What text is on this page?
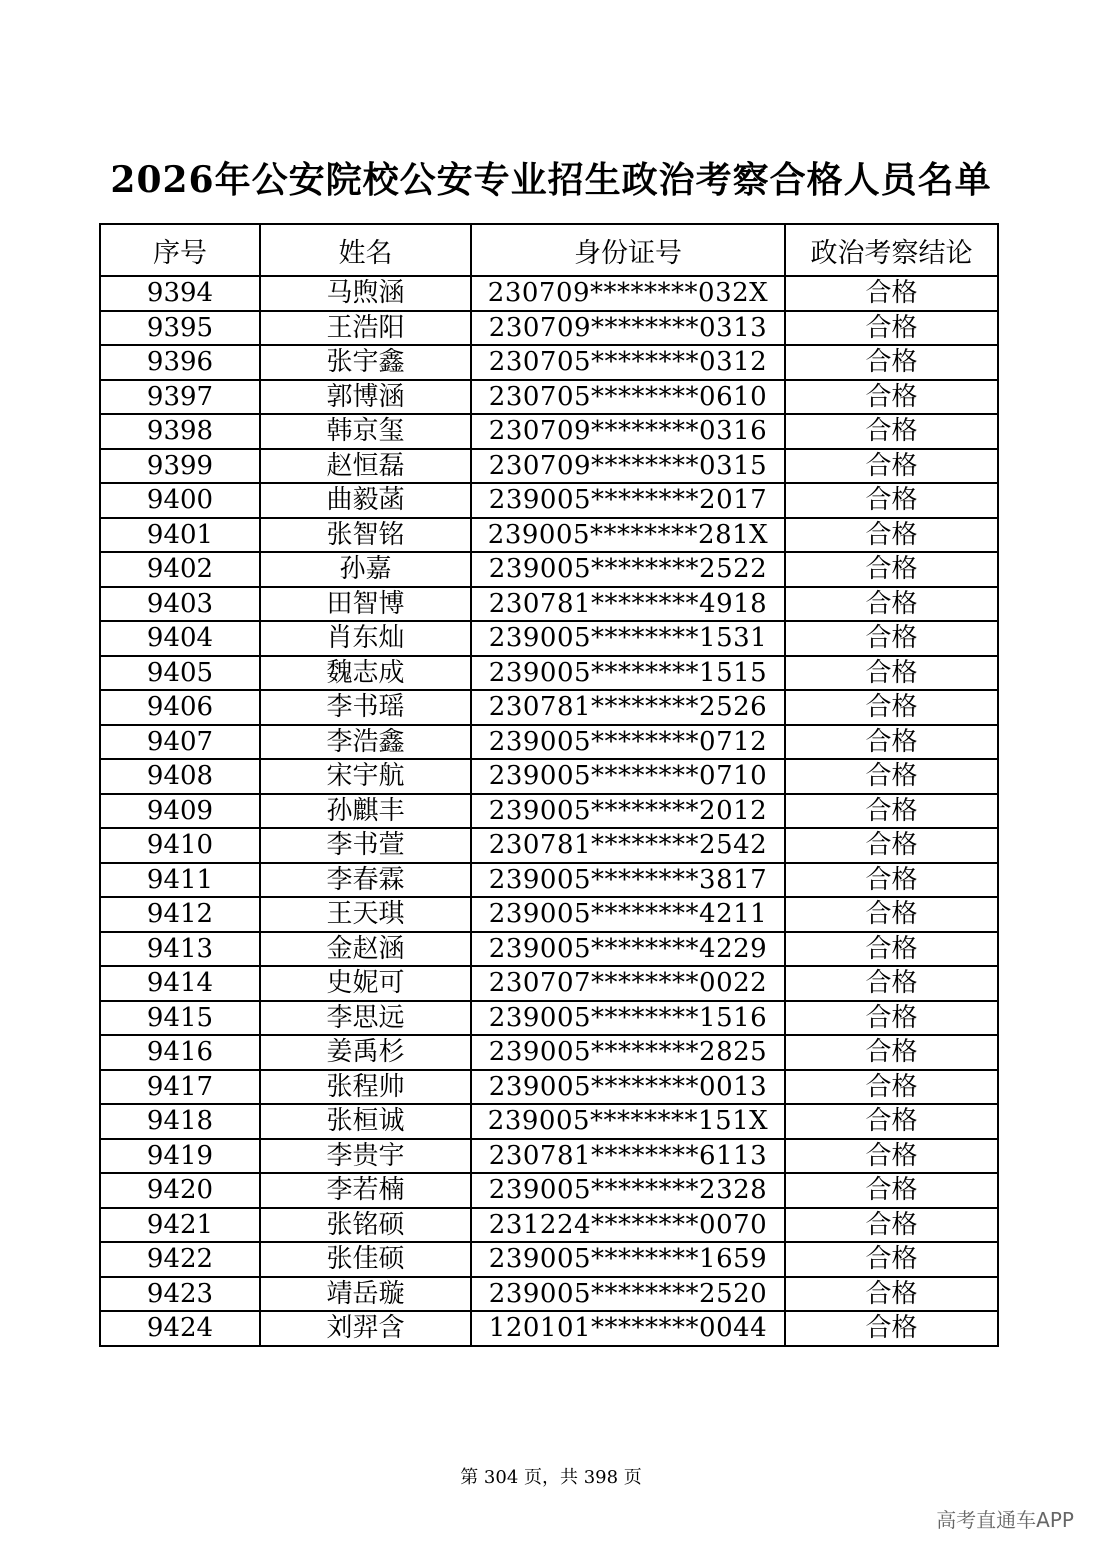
2026年公安院校公安专业招生政治考察合格人员名单
序号	姓名	身份证号	政治考察结论
9394	马煦涵	230709********032X	合格
9395	王浩阳	230709********0313	合格
9396	张宇鑫	230705********0312	合格
9397	郭博涵	230705********0610	合格
9398	韩京玺	230709********0316	合格
9399	赵恒磊	230709********0315	合格
9400	曲毅菡	239005********2017	合格
9401	张智铭	239005********281X	合格
9402	孙嘉	239005********2522	合格
9403	田智博	230781********4918	合格
9404	肖东灿	239005********1531	合格
9405	魏志成	239005********1515	合格
9406	李书瑶	230781********2526	合格
9407	李浩鑫	239005********0712	合格
9408	宋宇航	239005********0710	合格
9409	孙麒丰	239005********2012	合格
9410	李书萱	230781********2542	合格
9411	李春霖	239005********3817	合格
9412	王天琪	239005********4211	合格
9413	金赵涵	239005********4229	合格
9414	史妮可	230707********0022	合格
9415	李思远	239005********1516	合格
9416	姜禹杉	239005********2825	合格
9417	张程帅	239005********0013	合格
9418	张桓诚	239005********151X	合格
9419	李贵宇	230781********6113	合格
9420	李若楠	239005********2328	合格
9421	张铭硕	231224********0070	合格
9422	张佳硕	239005********1659	合格
9423	靖岳璇	239005********2520	合格
9424	刘羿含	120101********0044	合格
第 304 页，共 398 页
高考直通车APP
